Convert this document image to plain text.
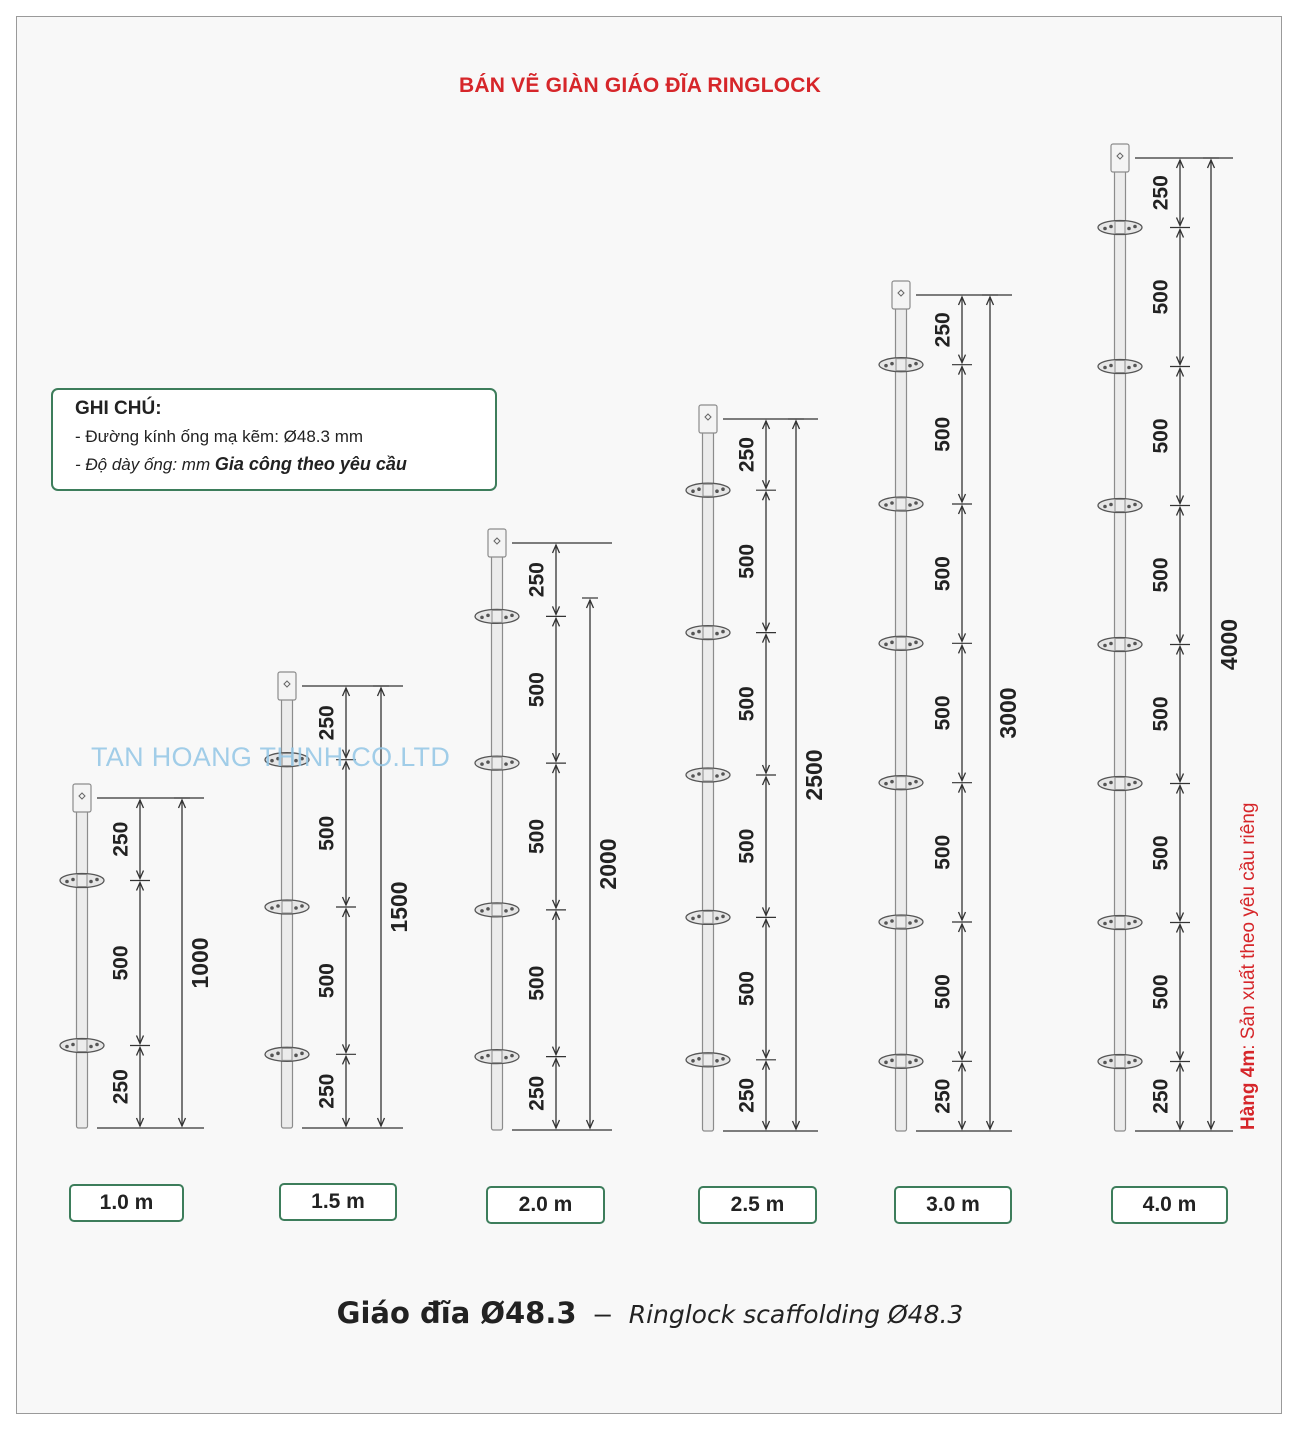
BÁN VẼ GIÀN GIÁO ĐĨA RINGLOCK
GHI CHÚ:
- Đường kính ống mạ kẽm: Ø48.3 mm
- Độ dày ống: mm Gia công theo yêu cầu
250
500
250
1000
250
500
500
250
1500
250
500
500
500
250
2000
250
500
500
500
500
250
2500
250
500
500
500
500
500
250
3000
250
500
500
500
500
500
500
250
4000
TAN HOANG THINH CO.LTD
Hàng 4m: Sản xuất theo yêu cầu riêng
1.0 m	1.5 m	2.0 m	2.5 m	3.0 m	4.0 m
Giáo đĩa Ø48.3 – Ringlock scaffolding Ø48.3
